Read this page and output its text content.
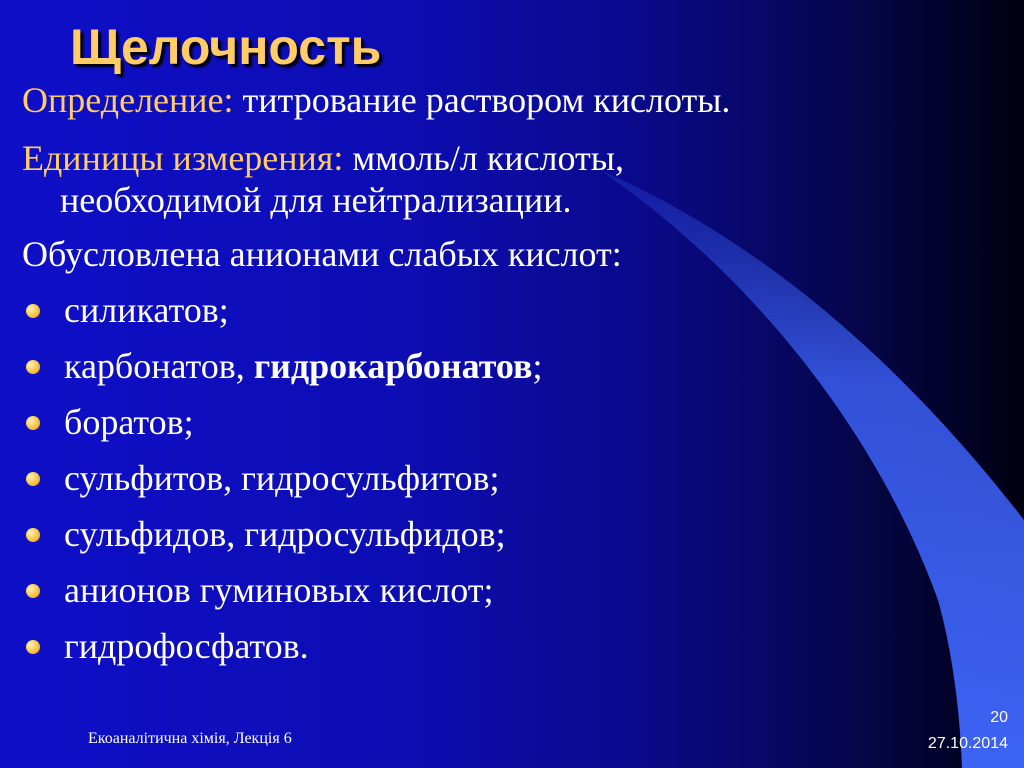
Щелочность
Определение: титрование раствором кислоты.
Единицы измерения: ммоль/л кислоты,
необходимой для нейтрализации.
Обусловлена анионами слабых кислот:
силикатов;
карбонатов, гидрокарбонатов;
боратов;
сульфитов, гидросульфитов;
сульфидов, гидросульфидов;
анионов гуминовых кислот;
гидрофосфатов.
Екоаналітична хімія, Лекція 6
20
27.10.2014
